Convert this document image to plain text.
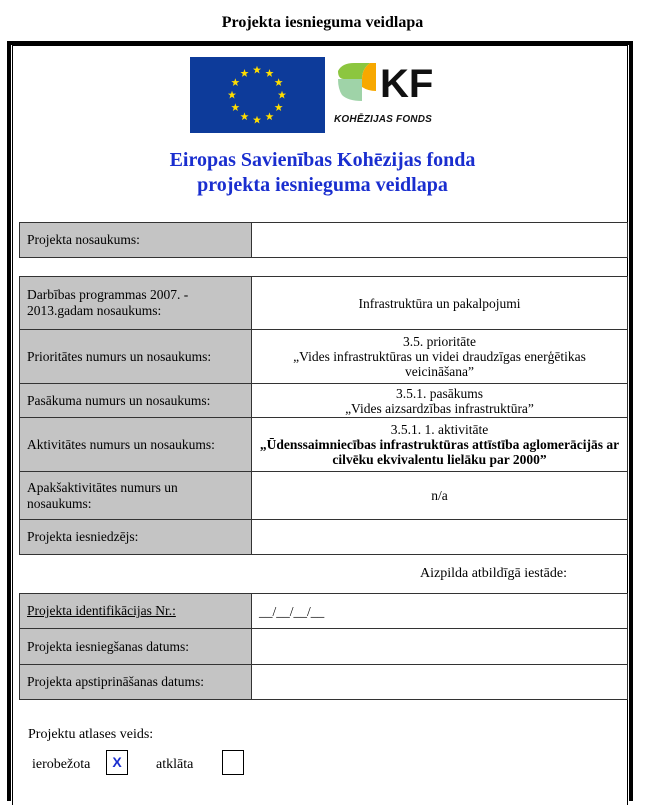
Projekta iesnieguma veidlapa
KF
KOHĒZIJAS FONDS
Eiropas Savienības Kohēzijas fonda
projekta iesnieguma veidlapa
Projekta nosaukums:	
Darbības programmas 2007. - 2013.gadam nosaukums:	Infrastruktūra un pakalpojumi

Prioritātes numurs un nosaukums:	3.5. prioritāte
„Vides infrastruktūras un videi draudzīgas enerģētikas veicināšana”

Pasākuma numurs un nosaukums:	3.5.1. pasākums
„Vides aizsardzības infrastruktūra”

Aktivitātes numurs un nosaukums:	3.5.1. 1. aktivitāte
„Ūdenssaimniecības infrastruktūras attīstība aglomerācijās ar cilvēku ekvivalentu lielāku par 2000”

Apakšaktivitātes numurs un nosaukums:	n/a

Projekta iesniedzējs:	
Aizpilda atbildīgā iestāde:
Projekta identifikācijas Nr.:	__/__/__/__
Projekta iesniegšanas datums:	
Projekta apstiprināšanas datums:	
Projektu atlases veids:
ierobežota	X	atklāta
